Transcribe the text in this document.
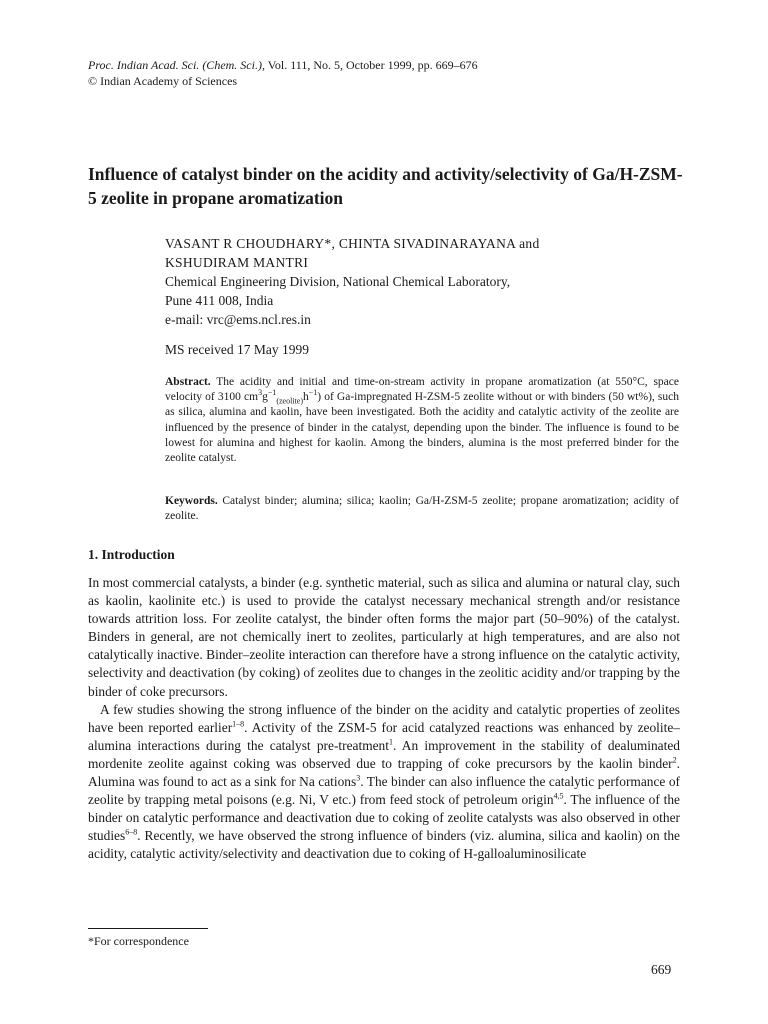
Proc. Indian Acad. Sci. (Chem. Sci.), Vol. 111, No. 5, October 1999, pp. 669–676
© Indian Academy of Sciences
Influence of catalyst binder on the acidity and activity/selectivity of Ga/H-ZSM-5 zeolite in propane aromatization
VASANT R CHOUDHARY*, CHINTA SIVADINARAYANA and
KSHUDIRAM MANTRI
Chemical Engineering Division, National Chemical Laboratory,
Pune 411 008, India
e-mail: vrc@ems.ncl.res.in
MS received 17 May 1999
Abstract. The acidity and initial and time-on-stream activity in propane aromatization (at 550°C, space velocity of 3100 $cm^3g^{-1}_{(zeolite)}h^{-1}$) of Ga-impregnated H-ZSM-5 zeolite without or with binders (50 wt%), such as silica, alumina and kaolin, have been investigated. Both the acidity and catalytic activity of the zeolite are influenced by the presence of binder in the catalyst, depending upon the binder. The influence is found to be lowest for alumina and highest for kaolin. Among the binders, alumina is the most preferred binder for the zeolite catalyst.
Keywords. Catalyst binder; alumina; silica; kaolin; Ga/H-ZSM-5 zeolite; propane aromatization; acidity of zeolite.
1. Introduction

In most commercial catalysts, a binder (e.g. synthetic material, such as silica and alumina or natural clay, such as kaolin, kaolinite etc.) is used to provide the catalyst necessary mechanical strength and/or resistance towards attrition loss. For zeolite catalyst, the binder often forms the major part (50–90%) of the catalyst. Binders in general, are not chemically inert to zeolites, particularly at high temperatures, and are also not catalytically inactive. Binder–zeolite interaction can therefore have a strong influence on the catalytic activity, selectivity and deactivation (by coking) of zeolites due to changes in the zeolitic acidity and/or trapping by the binder of coke precursors.

A few studies showing the strong influence of the binder on the acidity and catalytic properties of zeolites have been reported earlier$^{1-8}$. Activity of the ZSM-5 for acid catalyzed reactions was enhanced by zeolite–alumina interactions during the catalyst pre-treatment$^1$. An improvement in the stability of dealuminated mordenite zeolite against coking was observed due to trapping of coke precursors by the kaolin binder$^2$. Alumina was found to act as a sink for Na cations$^3$. The binder can also influence the catalytic performance of zeolite by trapping metal poisons (e.g. Ni, V etc.) from feed stock of petroleum origin$^{4,5}$. The influence of the binder on catalytic performance and deactivation due to coking of zeolite catalysts was also observed in other studies$^{6-8}$. Recently, we have observed the strong influence of binders (viz. alumina, silica and kaolin) on the acidity, catalytic activity/selectivity and deactivation due to coking of H-galloaluminosilicate

*For correspondence
669
